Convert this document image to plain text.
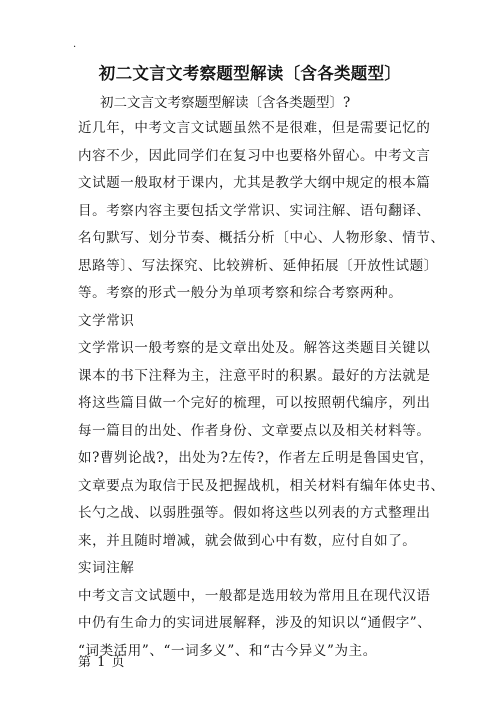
.
初二文言文考察题型解读〔含各类题型〕
初二文言文考察题型解读〔含各类题型〕?
近几年，中考文言文试题虽然不是很难，但是需要记忆的
内容不少，因此同学们在复习中也要格外留心。中考文言
文试题一般取材于课内，尤其是教学大纲中规定的根本篇
目。考察内容主要包括文学常识、实词注解、语句翻译、
名句默写、划分节奏、概括分析〔中心、人物形象、情节、
思路等〕、写法探究、比较辨析、延伸拓展〔开放性试题〕
等。考察的形式一般分为单项考察和综合考察两种。
文学常识
文学常识一般考察的是文章出处及。解答这类题目关键以
课本的书下注释为主，注意平时的积累。最好的方法就是
将这些篇目做一个完好的梳理，可以按照朝代编序，列出
每一篇目的出处、作者身份、文章要点以及相关材料等。
如?曹刿论战?，出处为?左传?，作者左丘明是鲁国史官，
文章要点为取信于民及把握战机，相关材料有编年体史书、
长勺之战、以弱胜强等。假如将这些以列表的方式整理出
来，并且随时增减，就会做到心中有数，应付自如了。
实词注解
中考文言文试题中，一般都是选用较为常用且在现代汉语
中仍有生命力的实词进展解释，涉及的知识以“通假字”、
“词类活用”、“一词多义”、和“古今异义”为主。
第 1 页
